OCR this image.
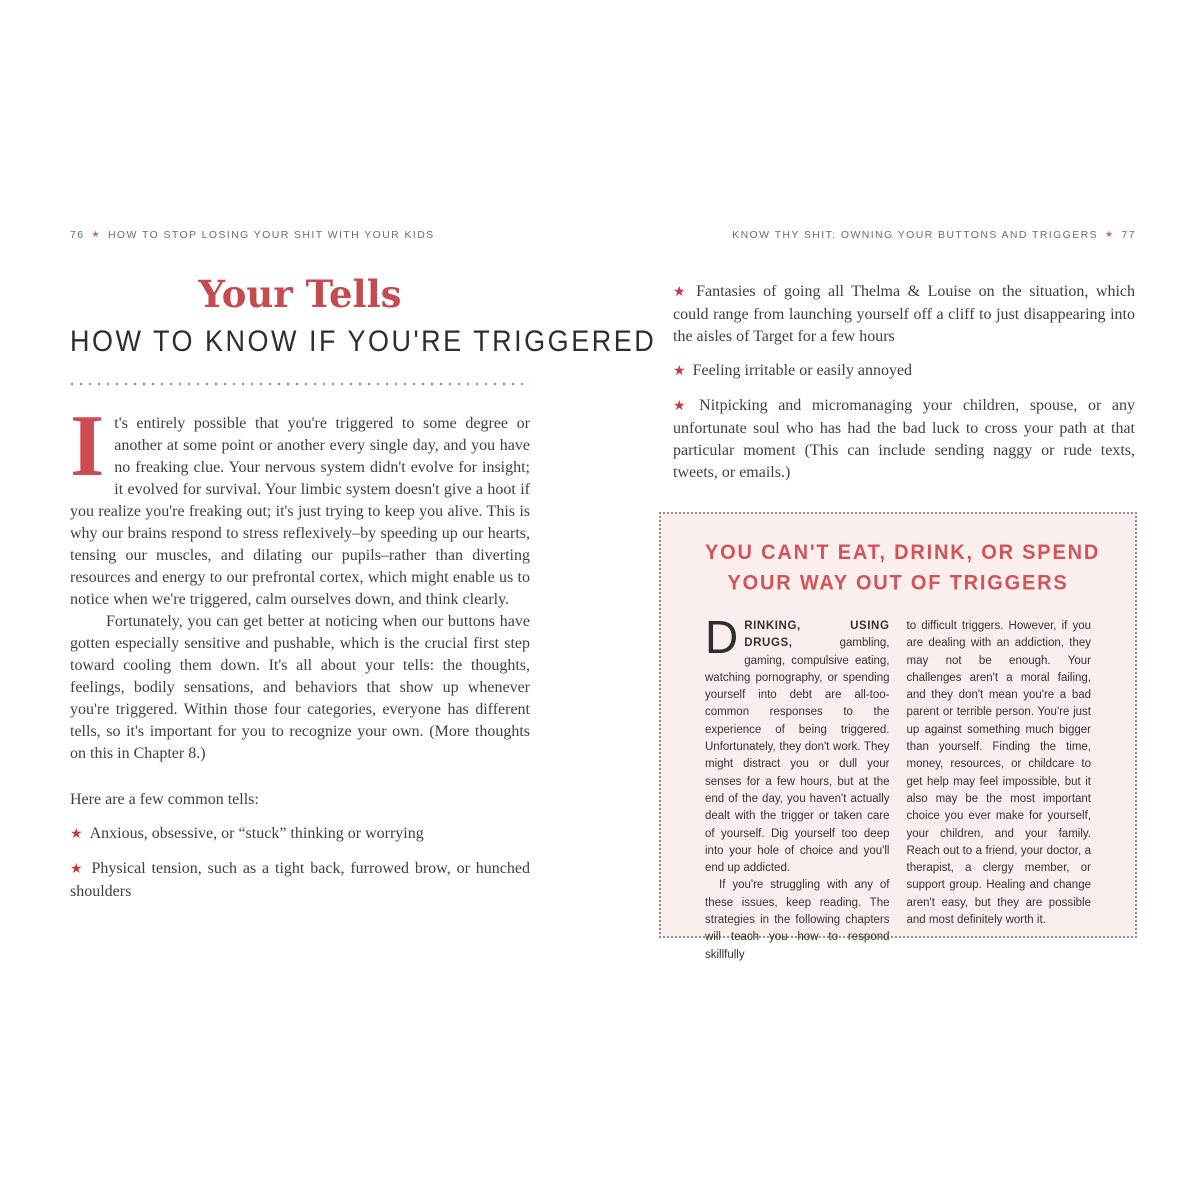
76 ★ HOW TO STOP LOSING YOUR SHIT WITH YOUR KIDS	KNOW THY SHIT: OWNING YOUR BUTTONS AND TRIGGERS ★ 77
Your Tells
HOW TO KNOW IF YOU'RE TRIGGERED

It's entirely possible that you're triggered to some degree or another at some point or another every single day, and you have no freaking clue. Your nervous system didn't evolve for insight; it evolved for survival. Your limbic system doesn't give a hoot if you realize you're freaking out; it's just trying to keep you alive. This is why our brains respond to stress reflexively–by speeding up our hearts, tensing our muscles, and dilating our pupils–rather than diverting resources and energy to our prefrontal cortex, which might enable us to notice when we're triggered, calm ourselves down, and think clearly.

Fortunately, you can get better at noticing when our buttons have gotten especially sensitive and pushable, which is the crucial first step toward cooling them down. It's all about your tells: the thoughts, feelings, bodily sensations, and behaviors that show up whenever you're triggered. Within those four categories, everyone has different tells, so it's important for you to recognize your own. (More thoughts on this in Chapter 8.)

Here are a few common tells:

★ Anxious, obsessive, or “stuck” thinking or worrying

★ Physical tension, such as a tight back, furrowed brow, or hunched shoulders

★ Fantasies of going all Thelma & Louise on the situation, which could range from launching yourself off a cliff to just disappearing into the aisles of Target for a few hours

★ Feeling irritable or easily annoyed

★ Nitpicking and micromanaging your children, spouse, or any unfortunate soul who has had the bad luck to cross your path at that particular moment (This can include sending naggy or rude texts, tweets, or emails.)

YOU CAN'T EAT, DRINK, OR SPEND
YOUR WAY OUT OF TRIGGERS

DRINKING, USING DRUGS,	gambling, gaming, compulsive eating, watching pornography, or spending yourself into debt are all-too-common responses to the experience of being triggered. Unfortunately, they don't work. They might distract you or dull your senses for a few hours, but at the end of the day, you haven't actually dealt with the trigger or taken care of yourself. Dig yourself too deep into your hole of choice and you'll end up addicted.

If you're struggling with any of these issues, keep reading. The strategies in the following chapters will teach you how to respond skillfully

to difficult triggers. However, if you are dealing with an addiction, they may not be enough. Your challenges aren't a moral failing, and they don't mean you're a bad parent or terrible person. You're just up against something much bigger than yourself. Finding the time, money, resources, or childcare to get help may feel impossible, but it also may be the most important choice you ever make for yourself, your children, and your family. Reach out to a friend, your doctor, a therapist, a clergy member, or support group. Healing and change aren't easy, but they are possible and most definitely worth it.
